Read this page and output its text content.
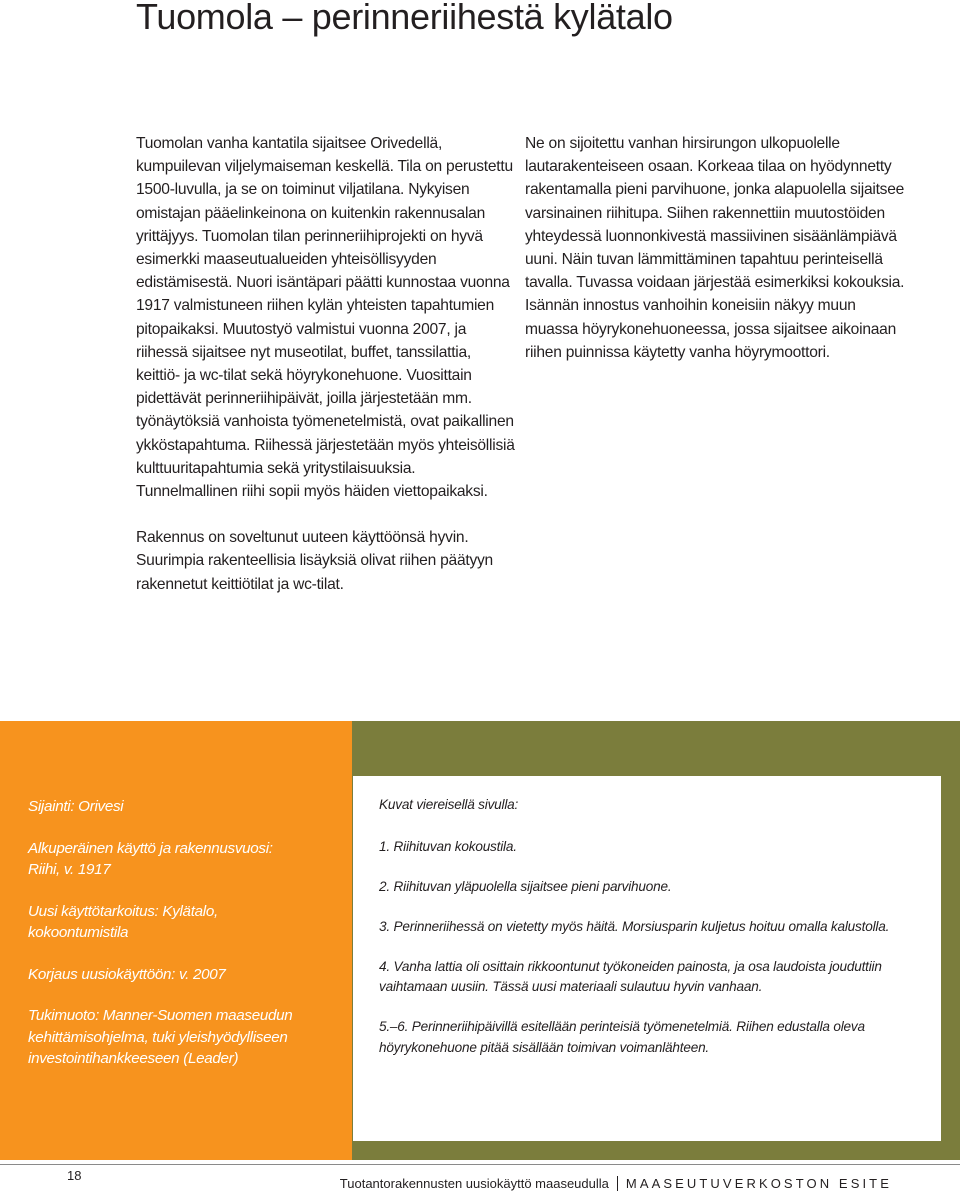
Tuomola – perinneriihestä kylätalo

Tuomolan vanha kantatila sijaitsee Orivedellä, kumpuilevan viljelymaiseman keskellä. Tila on perustettu 1500-luvulla, ja se on toiminut viljatilana. Nykyisen omistajan pääelinkeinona on kuitenkin rakennusalan yrittäjyys. Tuomolan tilan perinneriihiprojekti on hyvä esimerkki maaseutualueiden yhteisöllisyyden edistämisestä. Nuori isäntäpari päätti kunnostaa vuonna 1917 valmistuneen riihen kylän yhteisten tapahtumien pitopaikaksi. Muutostyö valmistui vuonna 2007, ja riihessä sijaitsee nyt museotilat, buffet, tanssilattia, keittiö- ja wc-tilat sekä höyrykonehuone. Vuosittain pidettävät perinneriihipäivät, joilla järjestetään mm. työnäytöksiä vanhoista työmenetelmistä, ovat paikallinen ykköstapahtuma. Riihessä järjestetään myös yhteisöllisiä kulttuuritapahtumia sekä yritystilaisuuksia. Tunnelmallinen riihi sopii myös häiden viettopaikaksi.

Rakennus on soveltunut uuteen käyttöönsä hyvin. Suurimpia rakenteellisia lisäyksiä olivat riihen päätyyn rakennetut keittiötilat ja wc-tilat.

Ne on sijoitettu vanhan hirsirungon ulkopuolelle lautarakenteiseen osaan. Korkeaa tilaa on hyödynnetty rakentamalla pieni parvihuone, jonka alapuolella sijaitsee varsinainen riihitupa. Siihen rakennettiin muutostöiden yhteydessä luonnonkivestä massiivinen sisäänlämpiävä uuni. Näin tuvan lämmittäminen tapahtuu perinteisellä tavalla. Tuvassa voidaan järjestää esimerkiksi kokouksia. Isännän innostus vanhoihin koneisiin näkyy muun muassa höyrykonehuoneessa, jossa sijaitsee aikoinaan riihen puinnissa käytetty vanha höyrymoottori.

Sijainti: Orivesi

Alkuperäinen käyttö ja rakennusvuosi: Riihi, v. 1917

Uusi käyttötarkoitus: Kylätalo, kokoontumistila

Korjaus uusiokäyttöön: v. 2007

Tukimuoto: Manner-Suomen maaseudun kehittämisohjelma, tuki yleishyödylliseen investointihankkeeseen (Leader)

Kuvat viereisellä sivulla:

1. Riihituvan kokoustila.

2. Riihituvan yläpuolella sijaitsee pieni parvihuone.

3. Perinneriihessä on vietetty myös häitä. Morsiusparin kuljetus hoituu omalla kalustolla.

4. Vanha lattia oli osittain rikkoontunut työkoneiden painosta, ja osa laudoista jouduttiin vaihtamaan uusiin. Tässä uusi materiaali sulautuu hyvin vanhaan.

5.–6. Perinneriihipäivillä esitellään perinteisiä työmenetelmiä. Riihen edustalla oleva höyrykonehuone pitää sisällään toimivan voimanlähteen.

18
Tuotantorakennusten uusiokäyttö maaseudulla MAASEUTUVERKOSTON ESITE
